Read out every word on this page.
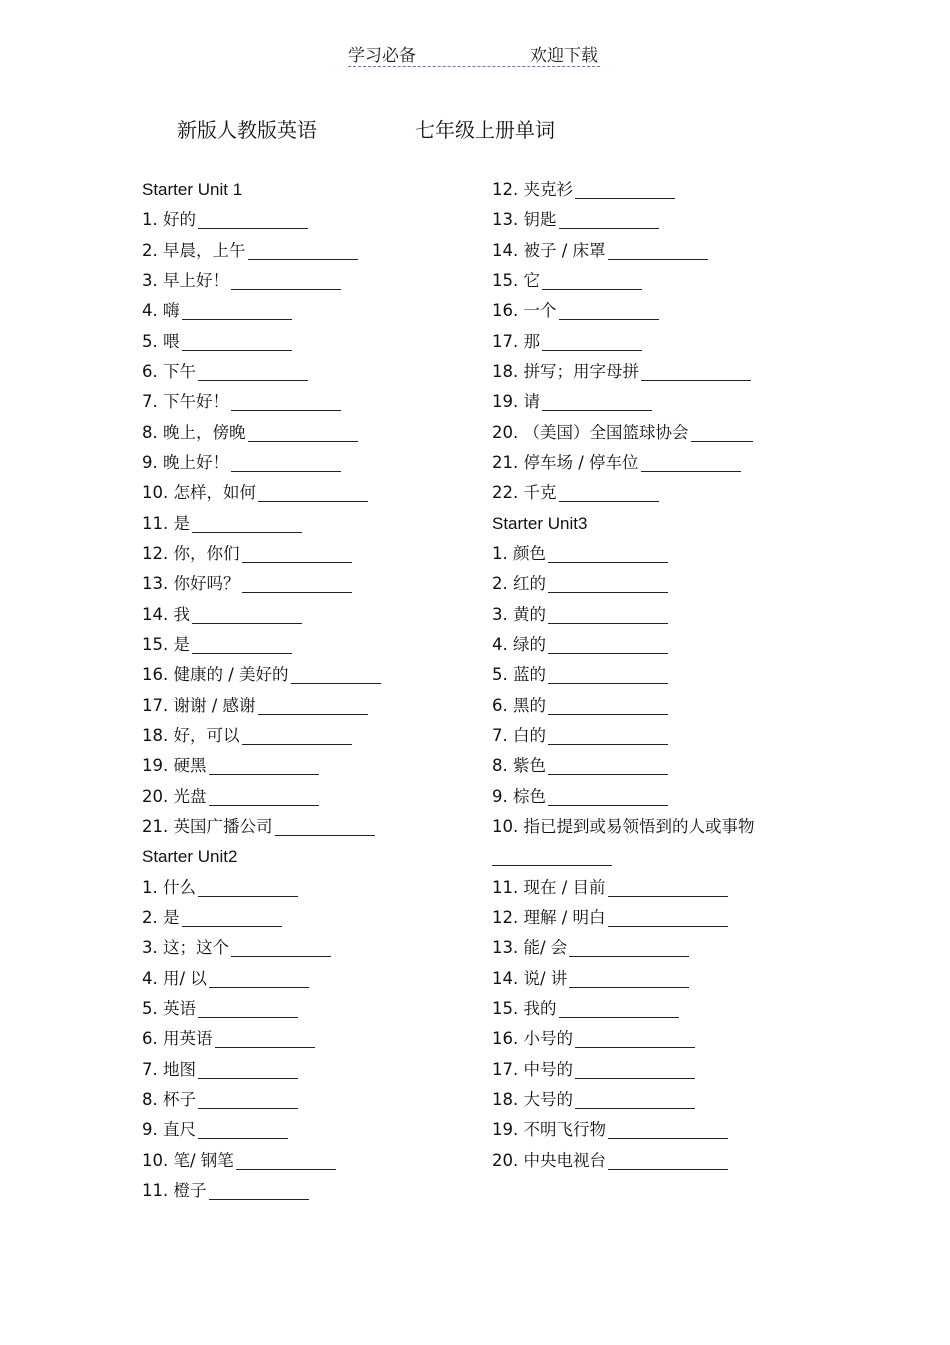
学习必备	欢迎下载
新版人教版英语	七年级上册单词
Starter Unit 1
1. 好的
2. 早晨，上午
3. 早上好！
4. 嗨
5. 喂
6. 下午
7. 下午好！
8. 晚上，傍晚
9. 晚上好！
10. 怎样，如何
11. 是
12. 你，你们
13. 你好吗？
14. 我
15. 是
16. 健康的 / 美好的
17. 谢谢 / 感谢
18. 好，可以
19. 硬黑
20. 光盘
21. 英国广播公司
Starter Unit2
1. 什么
2. 是
3. 这；这个
4. 用/ 以
5. 英语
6. 用英语
7. 地图
8. 杯子
9. 直尺
10. 笔/ 钢笔
11. 橙子
12. 夹克衫
13. 钥匙
14. 被子 / 床罩
15. 它
16. 一个
17. 那
18. 拼写；用字母拼
19. 请
20. （美国）全国篮球协会
21. 停车场 / 停车位
22. 千克
Starter Unit3
1. 颜色
2. 红的
3. 黄的
4. 绿的
5. 蓝的
6. 黑的
7. 白的
8. 紫色
9. 棕色
10. 指已提到或易领悟到的人或事物
11. 现在 / 目前
12. 理解 / 明白
13. 能/ 会
14. 说/ 讲
15. 我的
16. 小号的
17. 中号的
18. 大号的
19. 不明飞行物
20. 中央电视台
